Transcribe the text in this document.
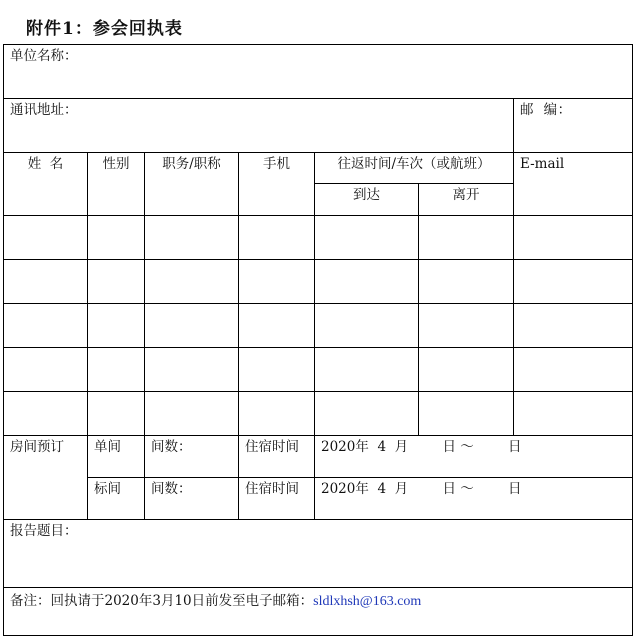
附件1：参会回执表
单位名称：						
通讯地址：						邮  编：
姓  名	性别	职务/职称	手机	往返时间/车次（或航班）		E-mail
				到达	离开	

房间预订	单间	间数：	住宿时间	2020年  4  月        日 ～        日		
	标间	间数：	住宿时间	2020年  4  月        日 ～        日		
报告题目：						
备注：回执请于2020年3月10日前发至电子邮箱：sldlxhsh@163.com						
